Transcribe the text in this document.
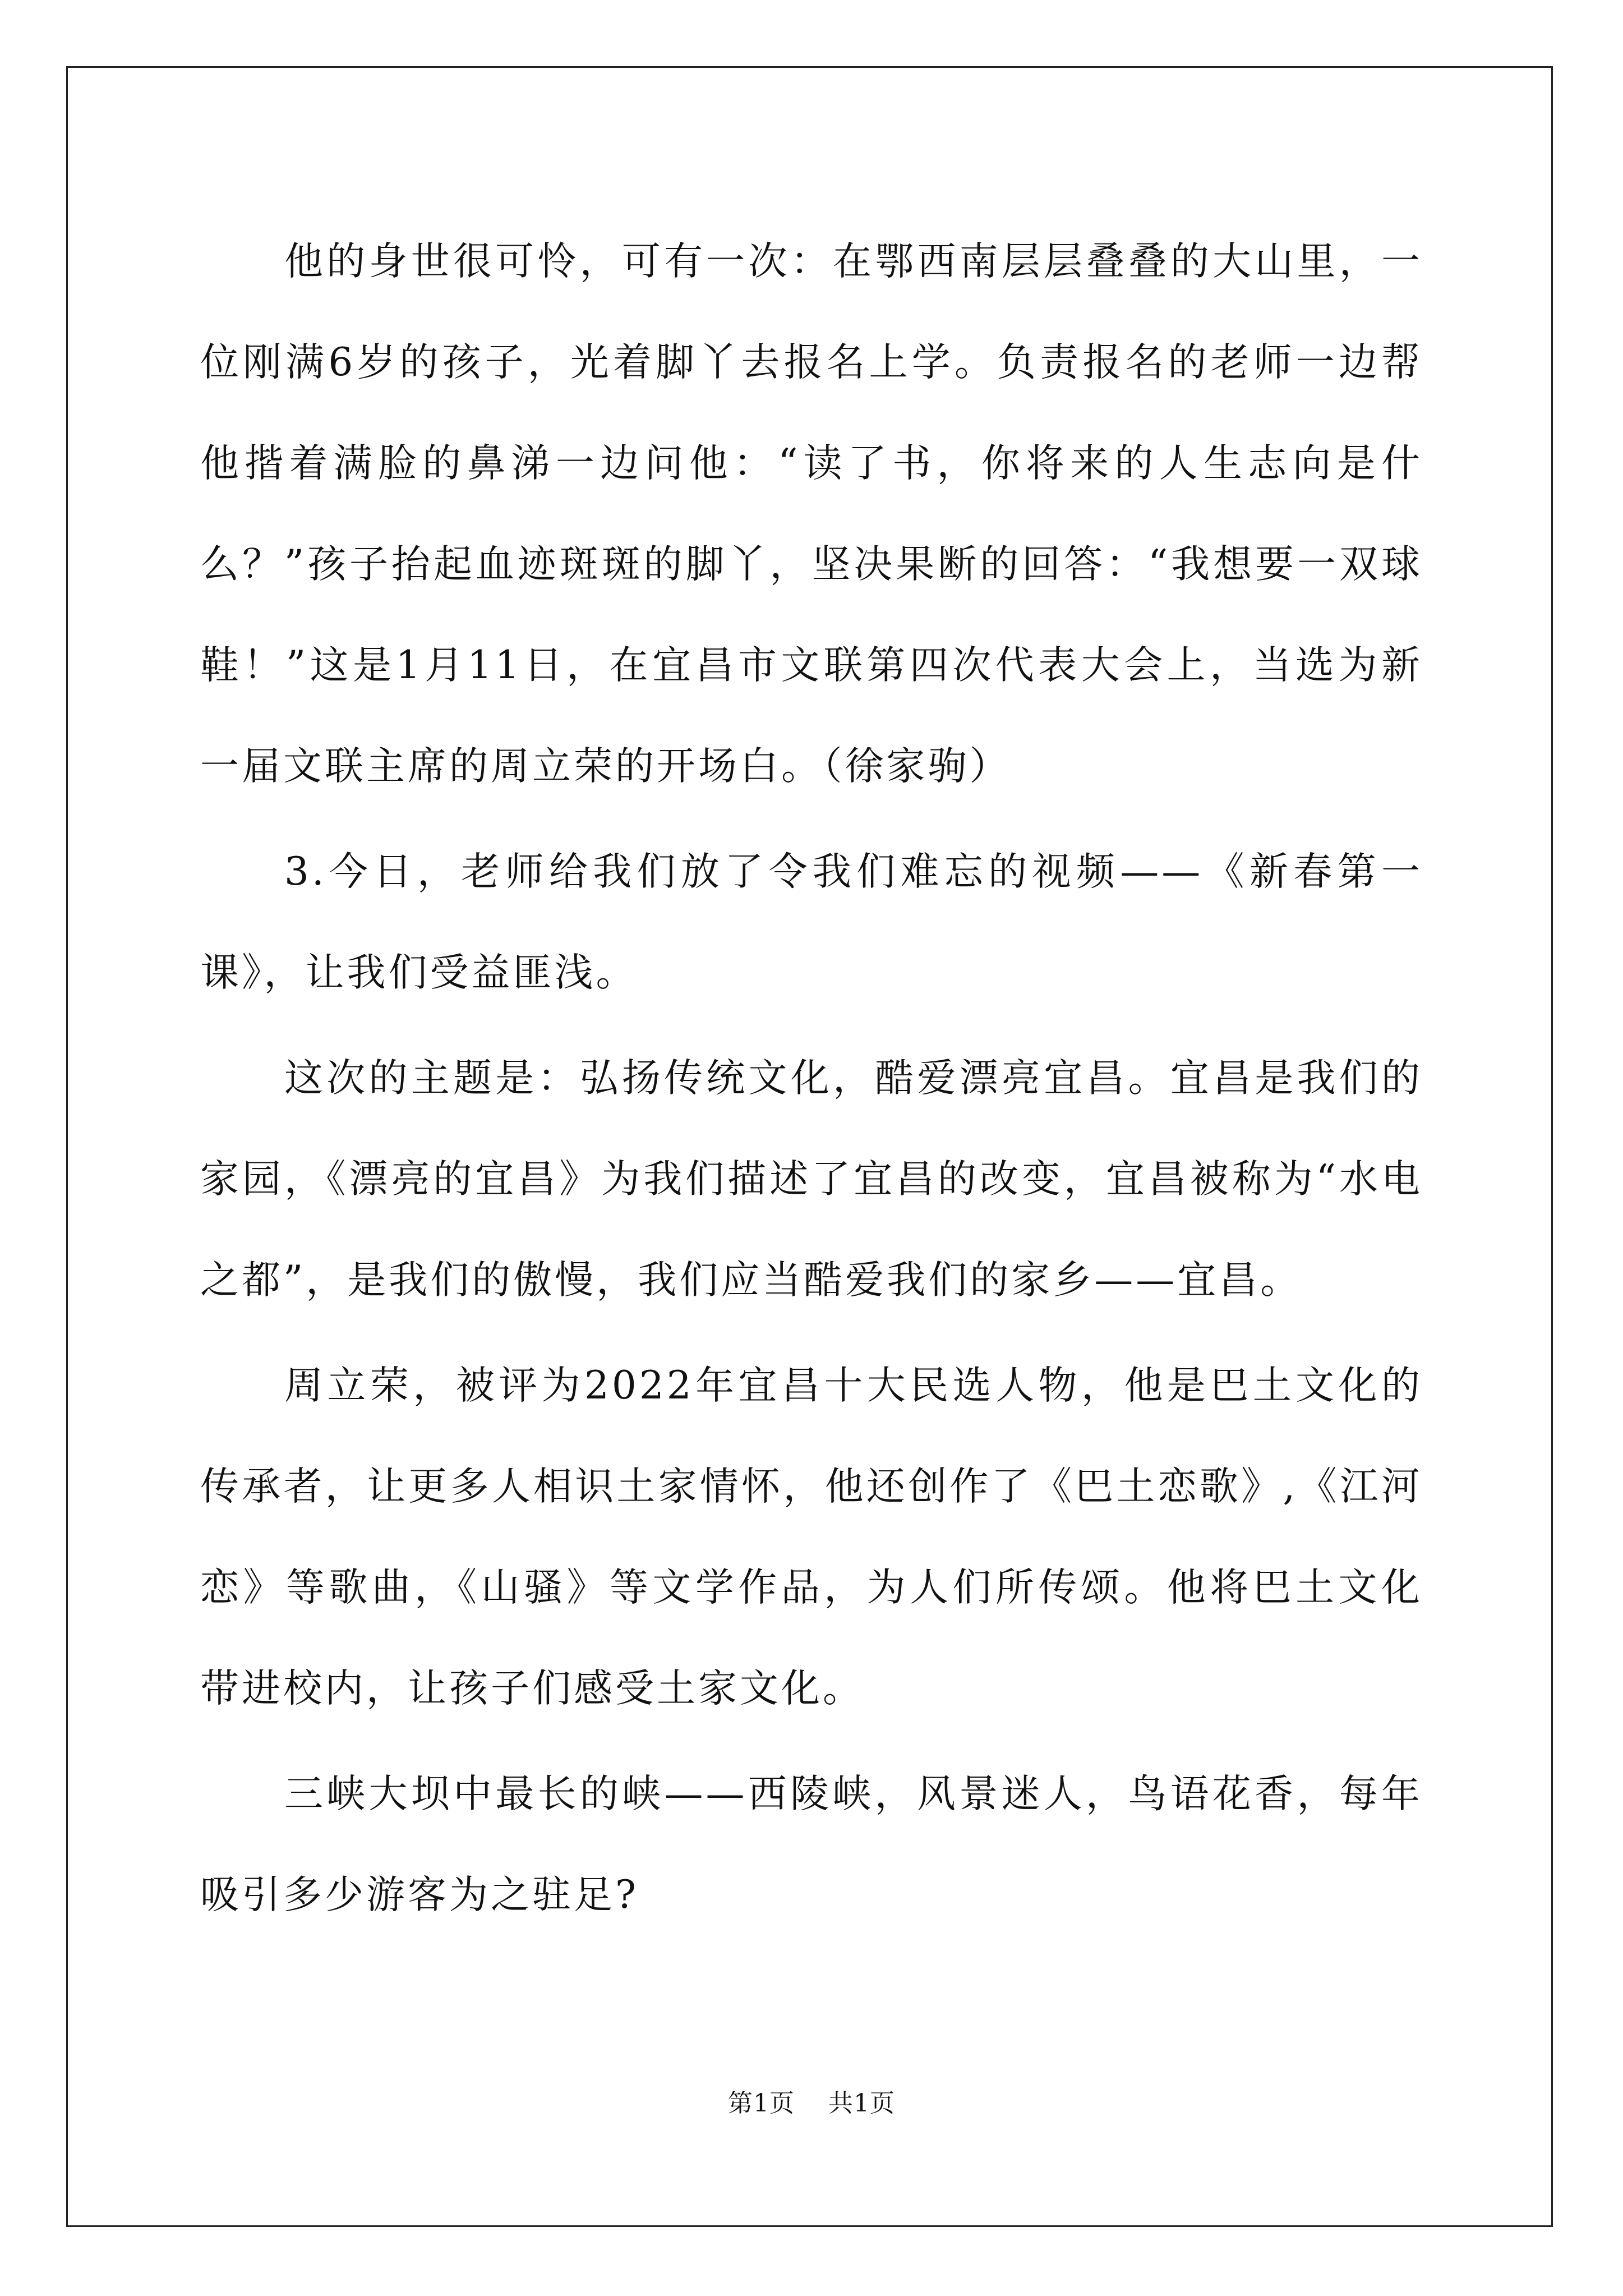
他的身世很可怜，可有一次：在鄂西南层层叠叠的大山里，一位刚满6岁的孩子，光着脚丫去报名上学。负责报名的老师一边帮他揩着满脸的鼻涕一边问他：“读了书，你将来的人生志向是什么？”孩子抬起血迹斑斑的脚丫，坚决果断的回答：“我想要一双球鞋！”这是1月11日，在宜昌市文联第四次代表大会上，当选为新一届文联主席的周立荣的开场白。（徐家驹）

3.今日，老师给我们放了令我们难忘的视频——《新春第一课》，让我们受益匪浅。

这次的主题是：弘扬传统文化，酷爱漂亮宜昌。宜昌是我们的家园，《漂亮的宜昌》为我们描述了宜昌的改变，宜昌被称为“水电之都”，是我们的傲慢，我们应当酷爱我们的家乡——宜昌。

周立荣，被评为2022年宜昌十大民选人物，他是巴土文化的传承者，让更多人相识土家情怀，他还创作了《巴土恋歌》,《江河恋》等歌曲，《山骚》等文学作品，为人们所传颂。他将巴土文化带进校内，让孩子们感受土家文化。

三峡大坝中最长的峡——西陵峡，风景迷人，鸟语花香，每年吸引多少游客为之驻足?

第1页 共1页
